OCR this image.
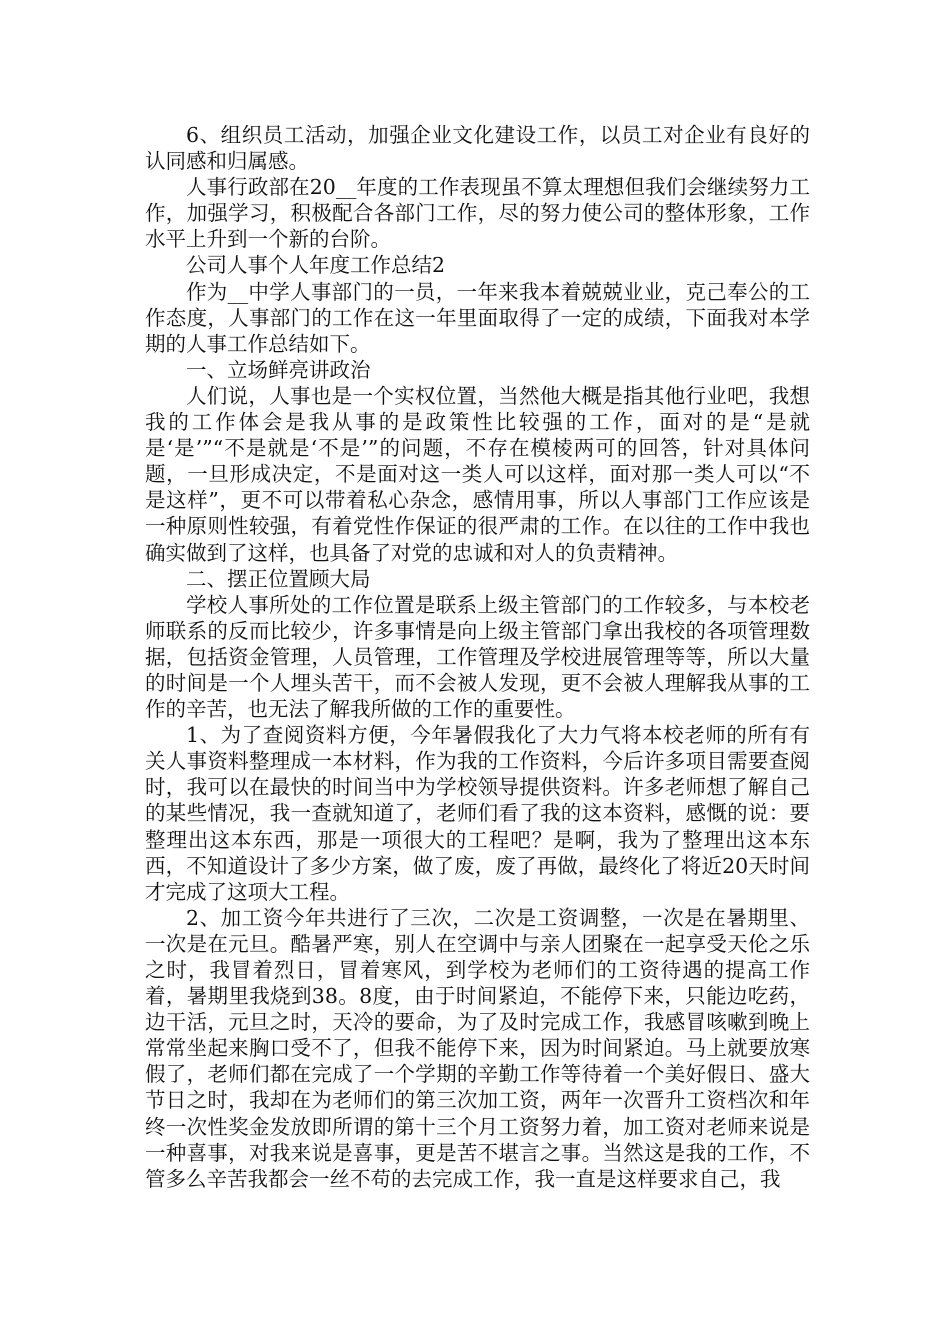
6、组织员工活动，加强企业文化建设工作，以员工对企业有良好的认同感和归属感。

人事行政部在20__年度的工作表现虽不算太理想但我们会继续努力工作，加强学习，积极配合各部门工作，尽的努力使公司的整体形象，工作水平上升到一个新的台阶。

公司人事个人年度工作总结2

作为__中学人事部门的一员，一年来我本着兢兢业业，克己奉公的工作态度，人事部门的工作在这一年里面取得了一定的成绩，下面我对本学期的人事工作总结如下。

一、立场鲜亮讲政治

人们说，人事也是一个实权位置，当然他大概是指其他行业吧，我想我的工作体会是我从事的是政策性比较强的工作，面对的是“是就是‘是’”“不是就是‘不是’”的问题，不存在模棱两可的回答，针对具体问题，一旦形成决定，不是面对这一类人可以这样，面对那一类人可以“不是这样”，更不可以带着私心杂念，感情用事，所以人事部门工作应该是一种原则性较强，有着党性作保证的很严肃的工作。在以往的工作中我也确实做到了这样，也具备了对党的忠诚和对人的负责精神。

二、摆正位置顾大局

学校人事所处的工作位置是联系上级主管部门的工作较多，与本校老师联系的反而比较少，许多事情是向上级主管部门拿出我校的各项管理数据，包括资金管理，人员管理，工作管理及学校进展管理等等，所以大量的时间是一个人埋头苦干，而不会被人发现，更不会被人理解我从事的工作的辛苦，也无法了解我所做的工作的重要性。

1、为了查阅资料方便，今年暑假我化了大力气将本校老师的所有有关人事资料整理成一本材料，作为我的工作资料，今后许多项目需要查阅时，我可以在最快的时间当中为学校领导提供资料。许多老师想了解自己的某些情况，我一查就知道了，老师们看了我的这本资料，感慨的说：要整理出这本东西，那是一项很大的工程吧？是啊，我为了整理出这本东西，不知道设计了多少方案，做了废，废了再做，最终化了将近20天时间才完成了这项大工程。

2、加工资今年共进行了三次，二次是工资调整，一次是在暑期里、一次是在元旦。酷暑严寒，别人在空调中与亲人团聚在一起享受天伦之乐之时，我冒着烈日，冒着寒风，到学校为老师们的工资待遇的提高工作着，暑期里我烧到38。8度，由于时间紧迫，不能停下来，只能边吃药，边干活，元旦之时，天冷的要命，为了及时完成工作，我感冒咳嗽到晚上常常坐起来胸口受不了，但我不能停下来，因为时间紧迫。马上就要放寒假了，老师们都在完成了一个学期的辛勤工作等待着一个美好假日、盛大节日之时，我却在为老师们的第三次加工资，两年一次晋升工资档次和年终一次性奖金发放即所谓的第十三个月工资努力着，加工资对老师来说是一种喜事，对我来说是喜事，更是苦不堪言之事。当然这是我的工作，不管多么辛苦我都会一丝不苟的去完成工作，我一直是这样要求自己，我
